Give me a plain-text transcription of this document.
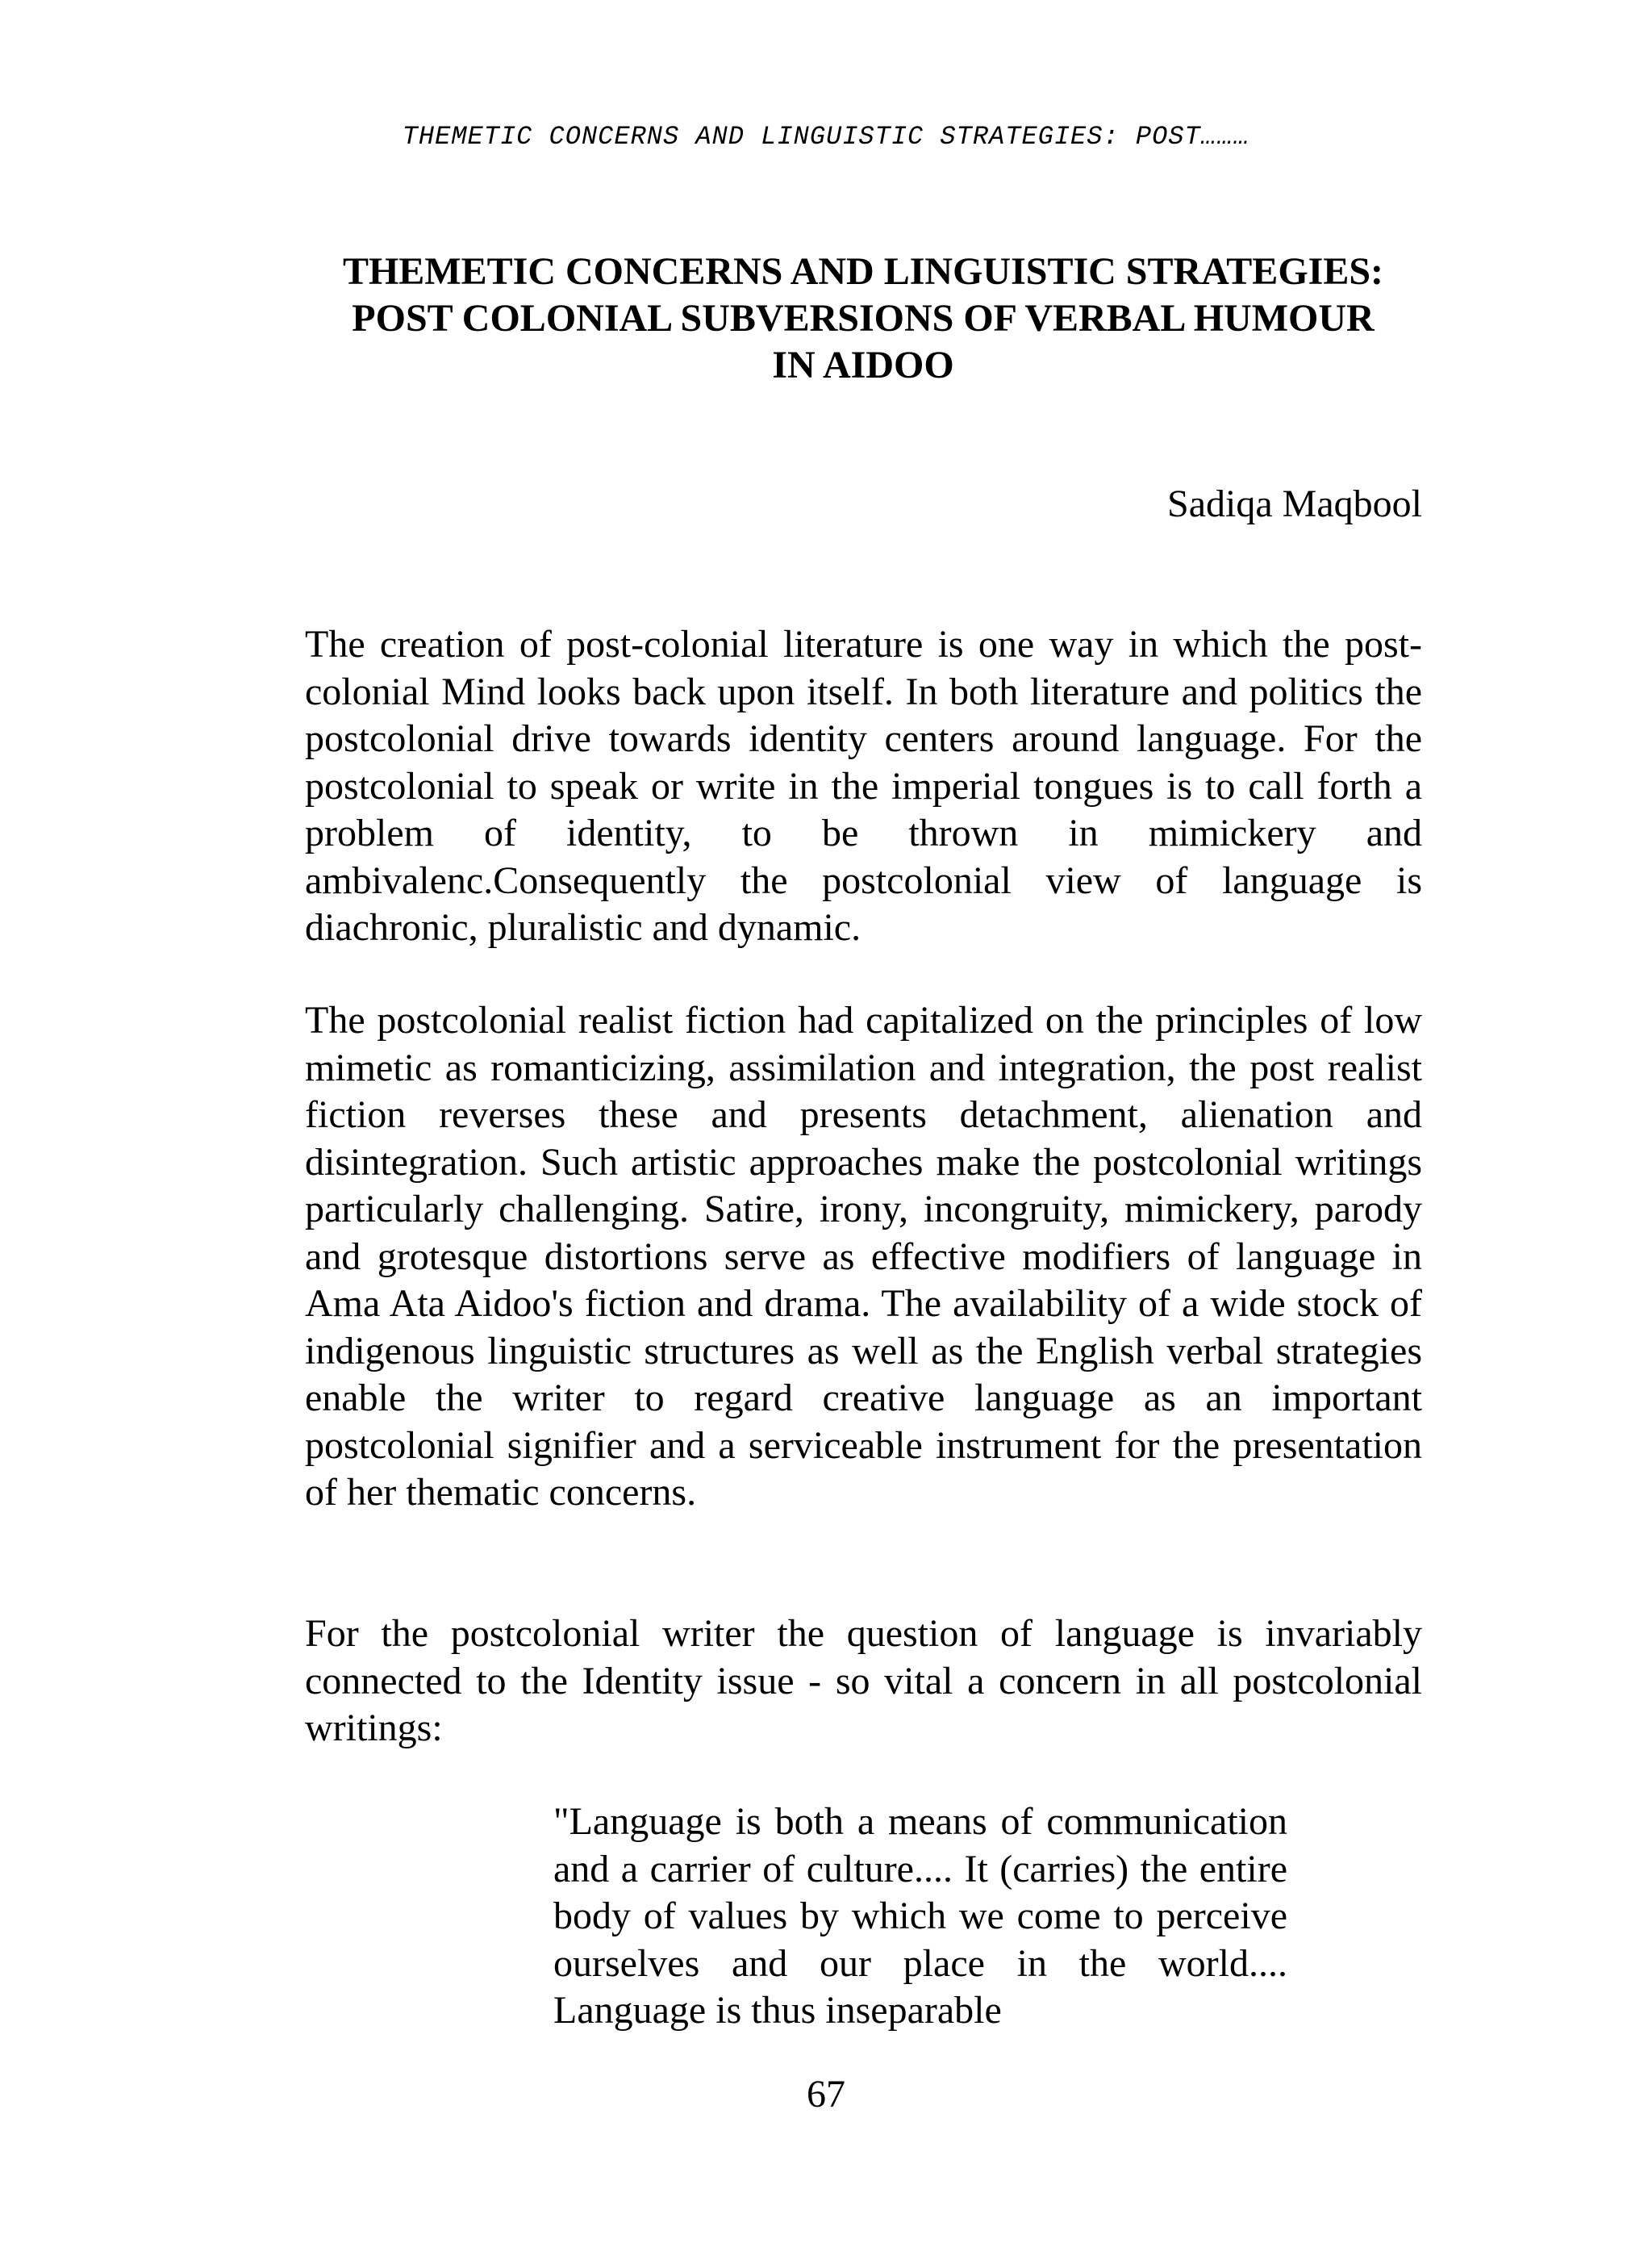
THEMETIC CONCERNS AND LINGUISTIC STRATEGIES: POST………
THEMETIC CONCERNS AND LINGUISTIC STRATEGIES:
POST COLONIAL SUBVERSIONS OF VERBAL HUMOUR
IN AIDOO
Sadiqa Maqbool

The creation of post-colonial literature is one way in which the post-colonial Mind looks back upon itself. In both literature and politics the postcolonial drive towards identity centers around language. For the postcolonial to speak or write in the imperial tongues is to call forth a problem of identity, to be thrown in mimickery and ambivalenc.Consequently the postcolonial view of language is diachronic, pluralistic and dynamic.

The postcolonial realist fiction had capitalized on the principles of low mimetic as romanticizing, assimilation and integration, the post realist fiction reverses these and presents detachment, alienation and disintegration. Such artistic approaches make the postcolonial writings particularly challenging. Satire, irony, incongruity, mimickery, parody and grotesque distortions serve as effective modifiers of language in Ama Ata Aidoo's fiction and drama. The availability of a wide stock of indigenous linguistic structures as well as the English verbal strategies enable the writer to regard creative language as an important postcolonial signifier and a serviceable instrument for the presentation of her thematic concerns.

For the postcolonial writer the question of language is invariably connected to the Identity issue - so vital a concern in all postcolonial writings:

"Language is both a means of communication and a carrier of culture.... It (carries) the entire body of values by which we come to perceive ourselves and our place in the world.... Language is thus inseparable

67
